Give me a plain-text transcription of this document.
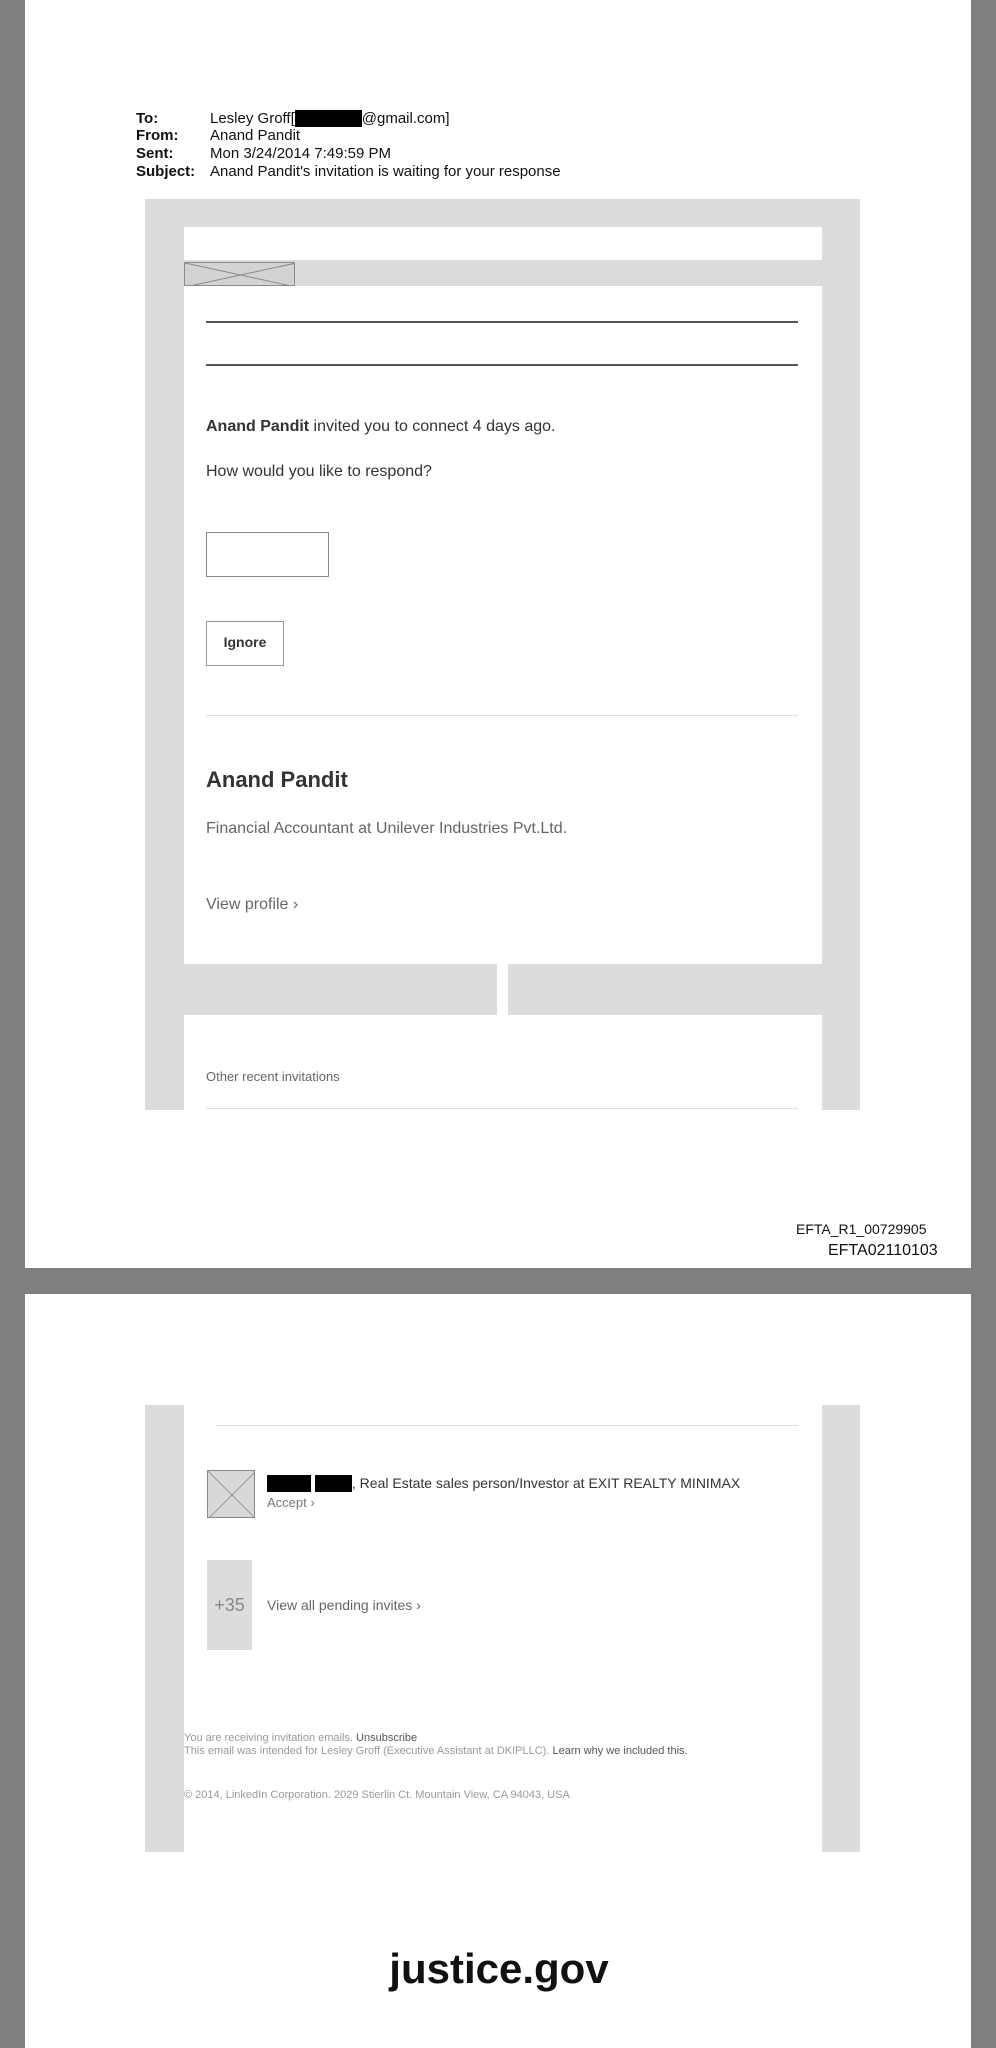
To:	Lesley Groff[	@gmail.com]
From:	Anand Pandit
Sent:	Mon 3/24/2014 7:49:59 PM
Subject: Anand Pandit's invitation is waiting for your response
Anand Pandit invited you to connect 4 days ago.
How would you like to respond?
Ignore
Anand Pandit
Financial Accountant at Unilever Industries Pvt.Ltd.
View profile ›
Other recent invitations
EFTA_R1_00729905
EFTA02110103
, Real Estate sales person/Investor at EXIT REALTY MINIMAX
Accept ›
+35	View all pending invites ›
You are receiving invitation emails. Unsubscribe
This email was intended for Lesley Groff (Executive Assistant at DKIPLLC). Learn why we included this.
© 2014, LinkedIn Corporation. 2029 Stierlin Ct. Mountain View, CA 94043, USA
justice.gov
